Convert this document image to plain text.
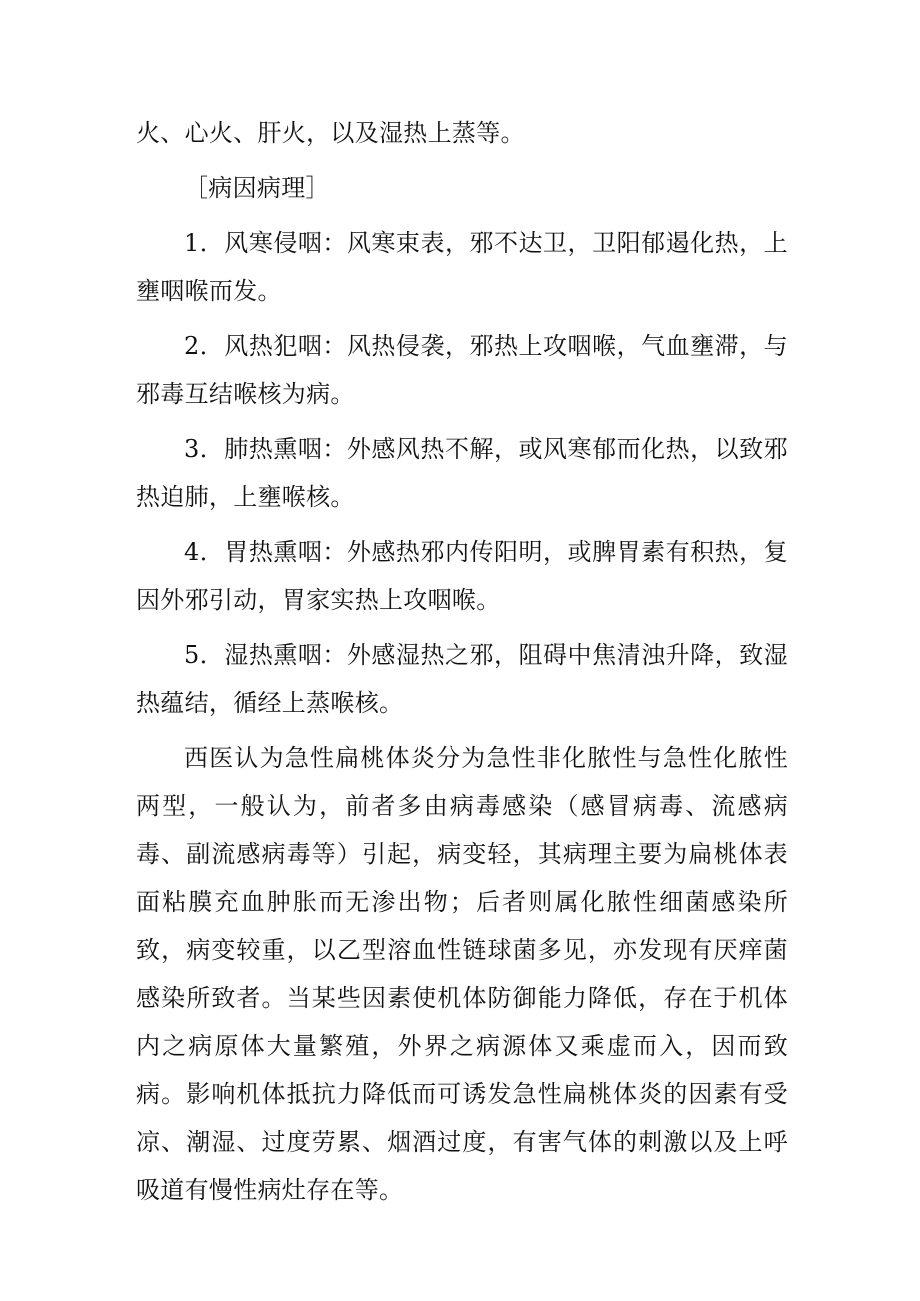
火、心火、肝火，以及湿热上蒸等。

［病因病理］

1．风寒侵咽：风寒束表，邪不达卫，卫阳郁遏化热，上壅咽喉而发。

2．风热犯咽：风热侵袭，邪热上攻咽喉，气血壅滞，与邪毒互结喉核为病。

3．肺热熏咽：外感风热不解，或风寒郁而化热，以致邪热迫肺，上壅喉核。

4．胃热熏咽：外感热邪内传阳明，或脾胃素有积热，复因外邪引动，胃家实热上攻咽喉。

5．湿热熏咽：外感湿热之邪，阻碍中焦清浊升降，致湿热蕴结，循经上蒸喉核。

西医认为急性扁桃体炎分为急性非化脓性与急性化脓性两型，一般认为，前者多由病毒感染（感冒病毒、流感病毒、副流感病毒等）引起，病变轻，其病理主要为扁桃体表面粘膜充血肿胀而无渗出物；后者则属化脓性细菌感染所致，病变较重，以乙型溶血性链球菌多见，亦发现有厌痒菌感染所致者。当某些因素使机体防御能力降低，存在于机体内之病原体大量繁殖，外界之病源体又乘虚而入，因而致病。影响机体抵抗力降低而可诱发急性扁桃体炎的因素有受凉、潮湿、过度劳累、烟酒过度，有害气体的刺激以及上呼吸道有慢性病灶存在等。
